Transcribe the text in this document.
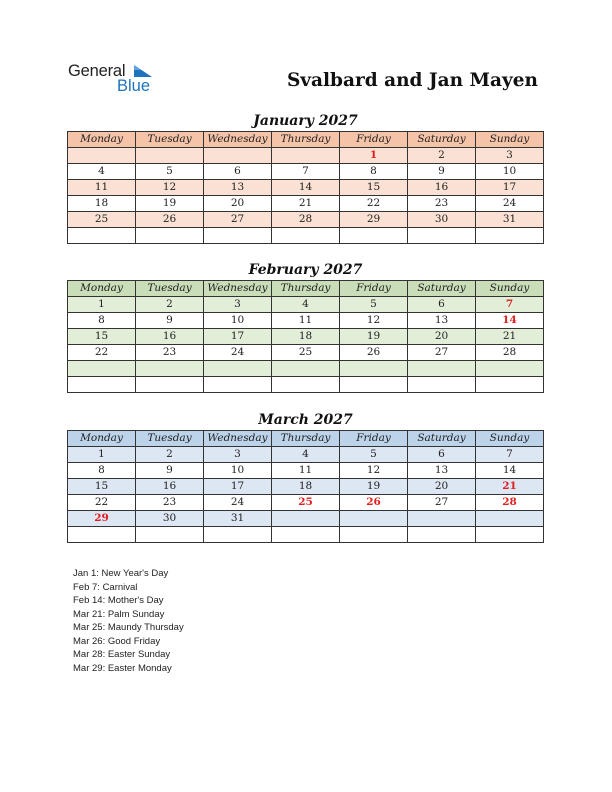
General
Blue	Svalbard and Jan Mayen
January 2027
Monday	Tuesday	Wednesday	Thursday	Friday	Saturday	Sunday
				1	2	3
4	5	6	7	8	9	10
11	12	13	14	15	16	17
18	19	20	21	22	23	24
25	26	27	28	29	30	31

February 2027
Monday	Tuesday	Wednesday	Thursday	Friday	Saturday	Sunday
1	2	3	4	5	6	7
8	9	10	11	12	13	14
15	16	17	18	19	20	21
22	23	24	25	26	27	28

March 2027
Monday	Tuesday	Wednesday	Thursday	Friday	Saturday	Sunday
1	2	3	4	5	6	7
8	9	10	11	12	13	14
15	16	17	18	19	20	21
22	23	24	25	26	27	28
29	30	31				

Jan 1: New Year's Day
Feb 7: Carnival
Feb 14: Mother's Day
Mar 21: Palm Sunday
Mar 25: Maundy Thursday
Mar 26: Good Friday
Mar 28: Easter Sunday
Mar 29: Easter Monday
